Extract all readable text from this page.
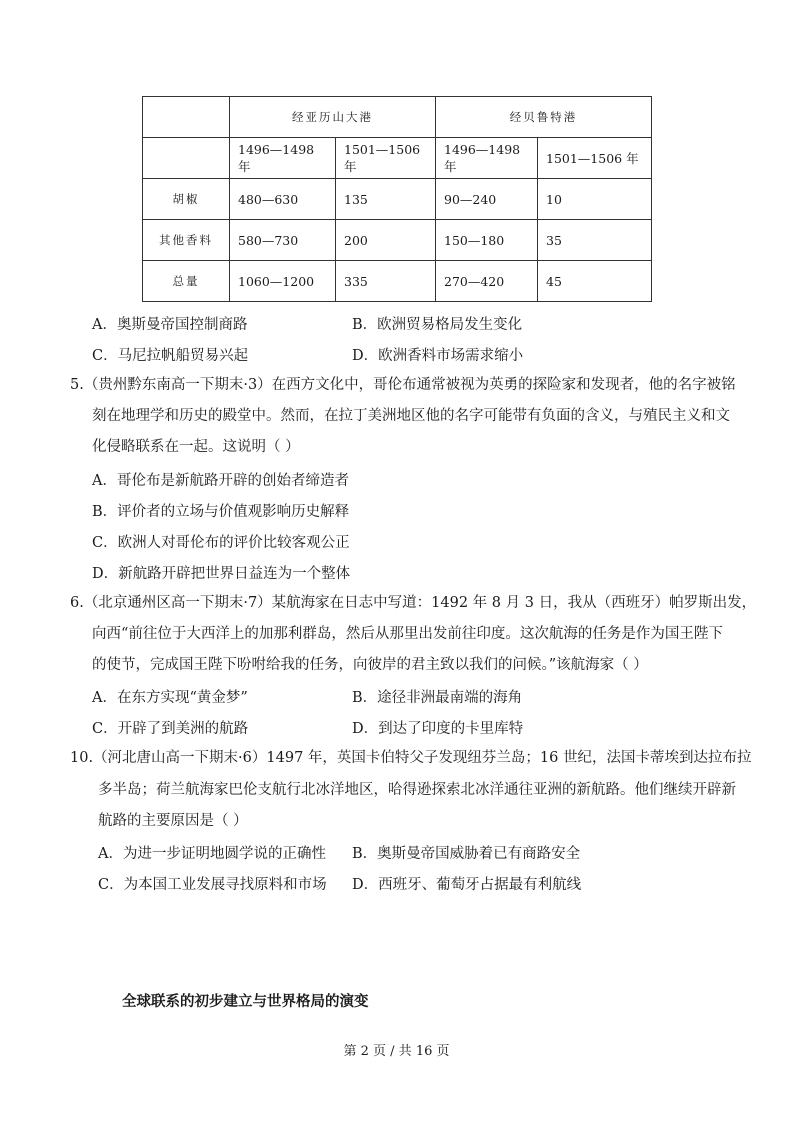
	经亚历山大港		经贝鲁特港	
	1496—1498 年	1501—1506 年	1496—1498 年	1501—1506 年
胡椒	480—630	135	90—240	10
其他香料	580—730	200	150—180	35
总量	1060—1200	335	270—420	45
A．奥斯曼帝国控制商路	B．欧洲贸易格局发生变化
C．马尼拉帆船贸易兴起	D．欧洲香料市场需求缩小
5.（贵州黔东南高一下期末·3）在西方文化中，哥伦布通常被视为英勇的探险家和发现者，他的名字被铭
刻在地理学和历史的殿堂中。然而，在拉丁美洲地区他的名字可能带有负面的含义，与殖民主义和文
化侵略联系在一起。这说明（ ）
A．哥伦布是新航路开辟的创始者缔造者
B．评价者的立场与价值观影响历史解释
C．欧洲人对哥伦布的评价比较客观公正
D．新航路开辟把世界日益连为一个整体
6.（北京通州区高一下期末·7）某航海家在日志中写道：1492 年 8 月 3 日，我从（西班牙）帕罗斯出发，
向西“前往位于大西洋上的加那利群岛，然后从那里出发前往印度。这次航海的任务是作为国王陛下
的使节，完成国王陛下吩咐给我的任务，向彼岸的君主致以我们的问候。”该航海家（ ）
A．在东方实现“黄金梦”	B．途径非洲最南端的海角
C．开辟了到美洲的航路	D．到达了印度的卡里库特
10.（河北唐山高一下期末·6）1497 年，英国卡伯特父子发现纽芬兰岛；16 世纪，法国卡蒂埃到达拉布拉
多半岛；荷兰航海家巴伦支航行北冰洋地区，哈得逊探索北冰洋通往亚洲的新航路。他们继续开辟新
航路的主要原因是（ ）
A．为进一步证明地圆学说的正确性 B．奥斯曼帝国威胁着已有商路安全
C．为本国工业发展寻找原料和市场 D．西班牙、葡萄牙占据最有利航线
全球联系的初步建立与世界格局的演变
第 2 页 / 共 16 页
